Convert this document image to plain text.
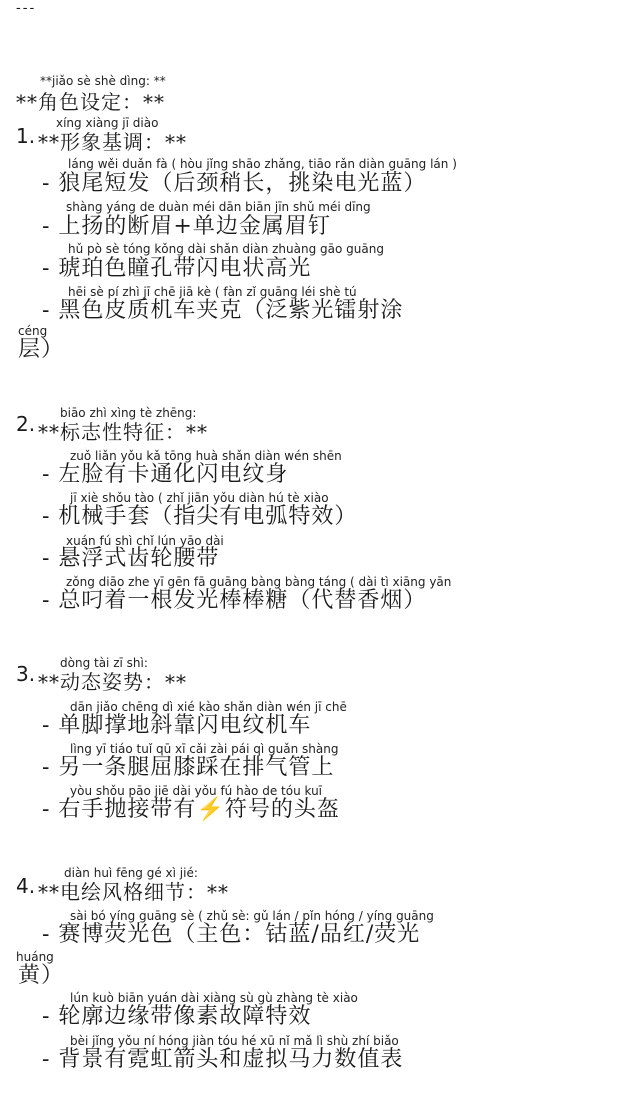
---
**jiǎo sè shè dìng: **
**角色设定：**
1.
xíng xiàng jī diào
**形象基调：**
láng wěi duǎn fà ( hòu jǐng shāo zhǎng, tiāo rǎn diàn guāng lán )
- 狼尾短发（后颈稍长，挑染电光蓝）
shàng yáng de duàn méi dān biān jīn shǔ méi dīng
- 上扬的断眉+单边金属眉钉
hǔ pò sè tóng kǒng dài shǎn diàn zhuàng gāo guāng
- 琥珀色瞳孔带闪电状高光
hēi sè pí zhì jī chē jiā kè ( fàn zǐ guāng léi shè tú
- 黑色皮质机车夹克（泛紫光镭射涂
céng
层）
2. biāo zhì xìng tè zhēng:
**标志性特征：**
zuǒ liǎn yǒu kǎ tōng huà shǎn diàn wén shēn
- 左脸有卡通化闪电纹身
jī xiè shǒu tào ( zhǐ jiān yǒu diàn hú tè xiào
- 机械手套（指尖有电弧特效）
xuán fú shì chǐ lún yāo dài
- 悬浮式齿轮腰带
zǒng diāo zhe yī gēn fā guāng bàng bàng táng ( dài tì xiāng yān
- 总叼着一根发光棒棒糖（代替香烟）
3. dòng tài zī shì:
**动态姿势：**
dān jiǎo chēng dì xié kào shǎn diàn wén jī chē
- 单脚撑地斜靠闪电纹机车
lìng yī tiáo tuǐ qū xī cǎi zài pái qì guǎn shàng
- 另一条腿屈膝踩在排气管上
yòu shǒu pāo jiē dài yǒu fú hào de tóu kuī
- 右手抛接带有⚡符号的头盔
4.
diàn huì fēng gé xì jié:
**电绘风格细节：**
sài bó yíng guāng sè ( zhǔ sè: gǔ lán / pǐn hóng / yíng guāng
- 赛博荧光色（主色：钴蓝/品红/荧光
huáng
黄）
lún kuò biān yuán dài xiàng sù gù zhàng tè xiào
- 轮廓边缘带像素故障特效
bèi jǐng yǒu ní hóng jiàn tóu hé xū nǐ mǎ lì shù zhí biǎo
- 背景有霓虹箭头和虚拟马力数值表
